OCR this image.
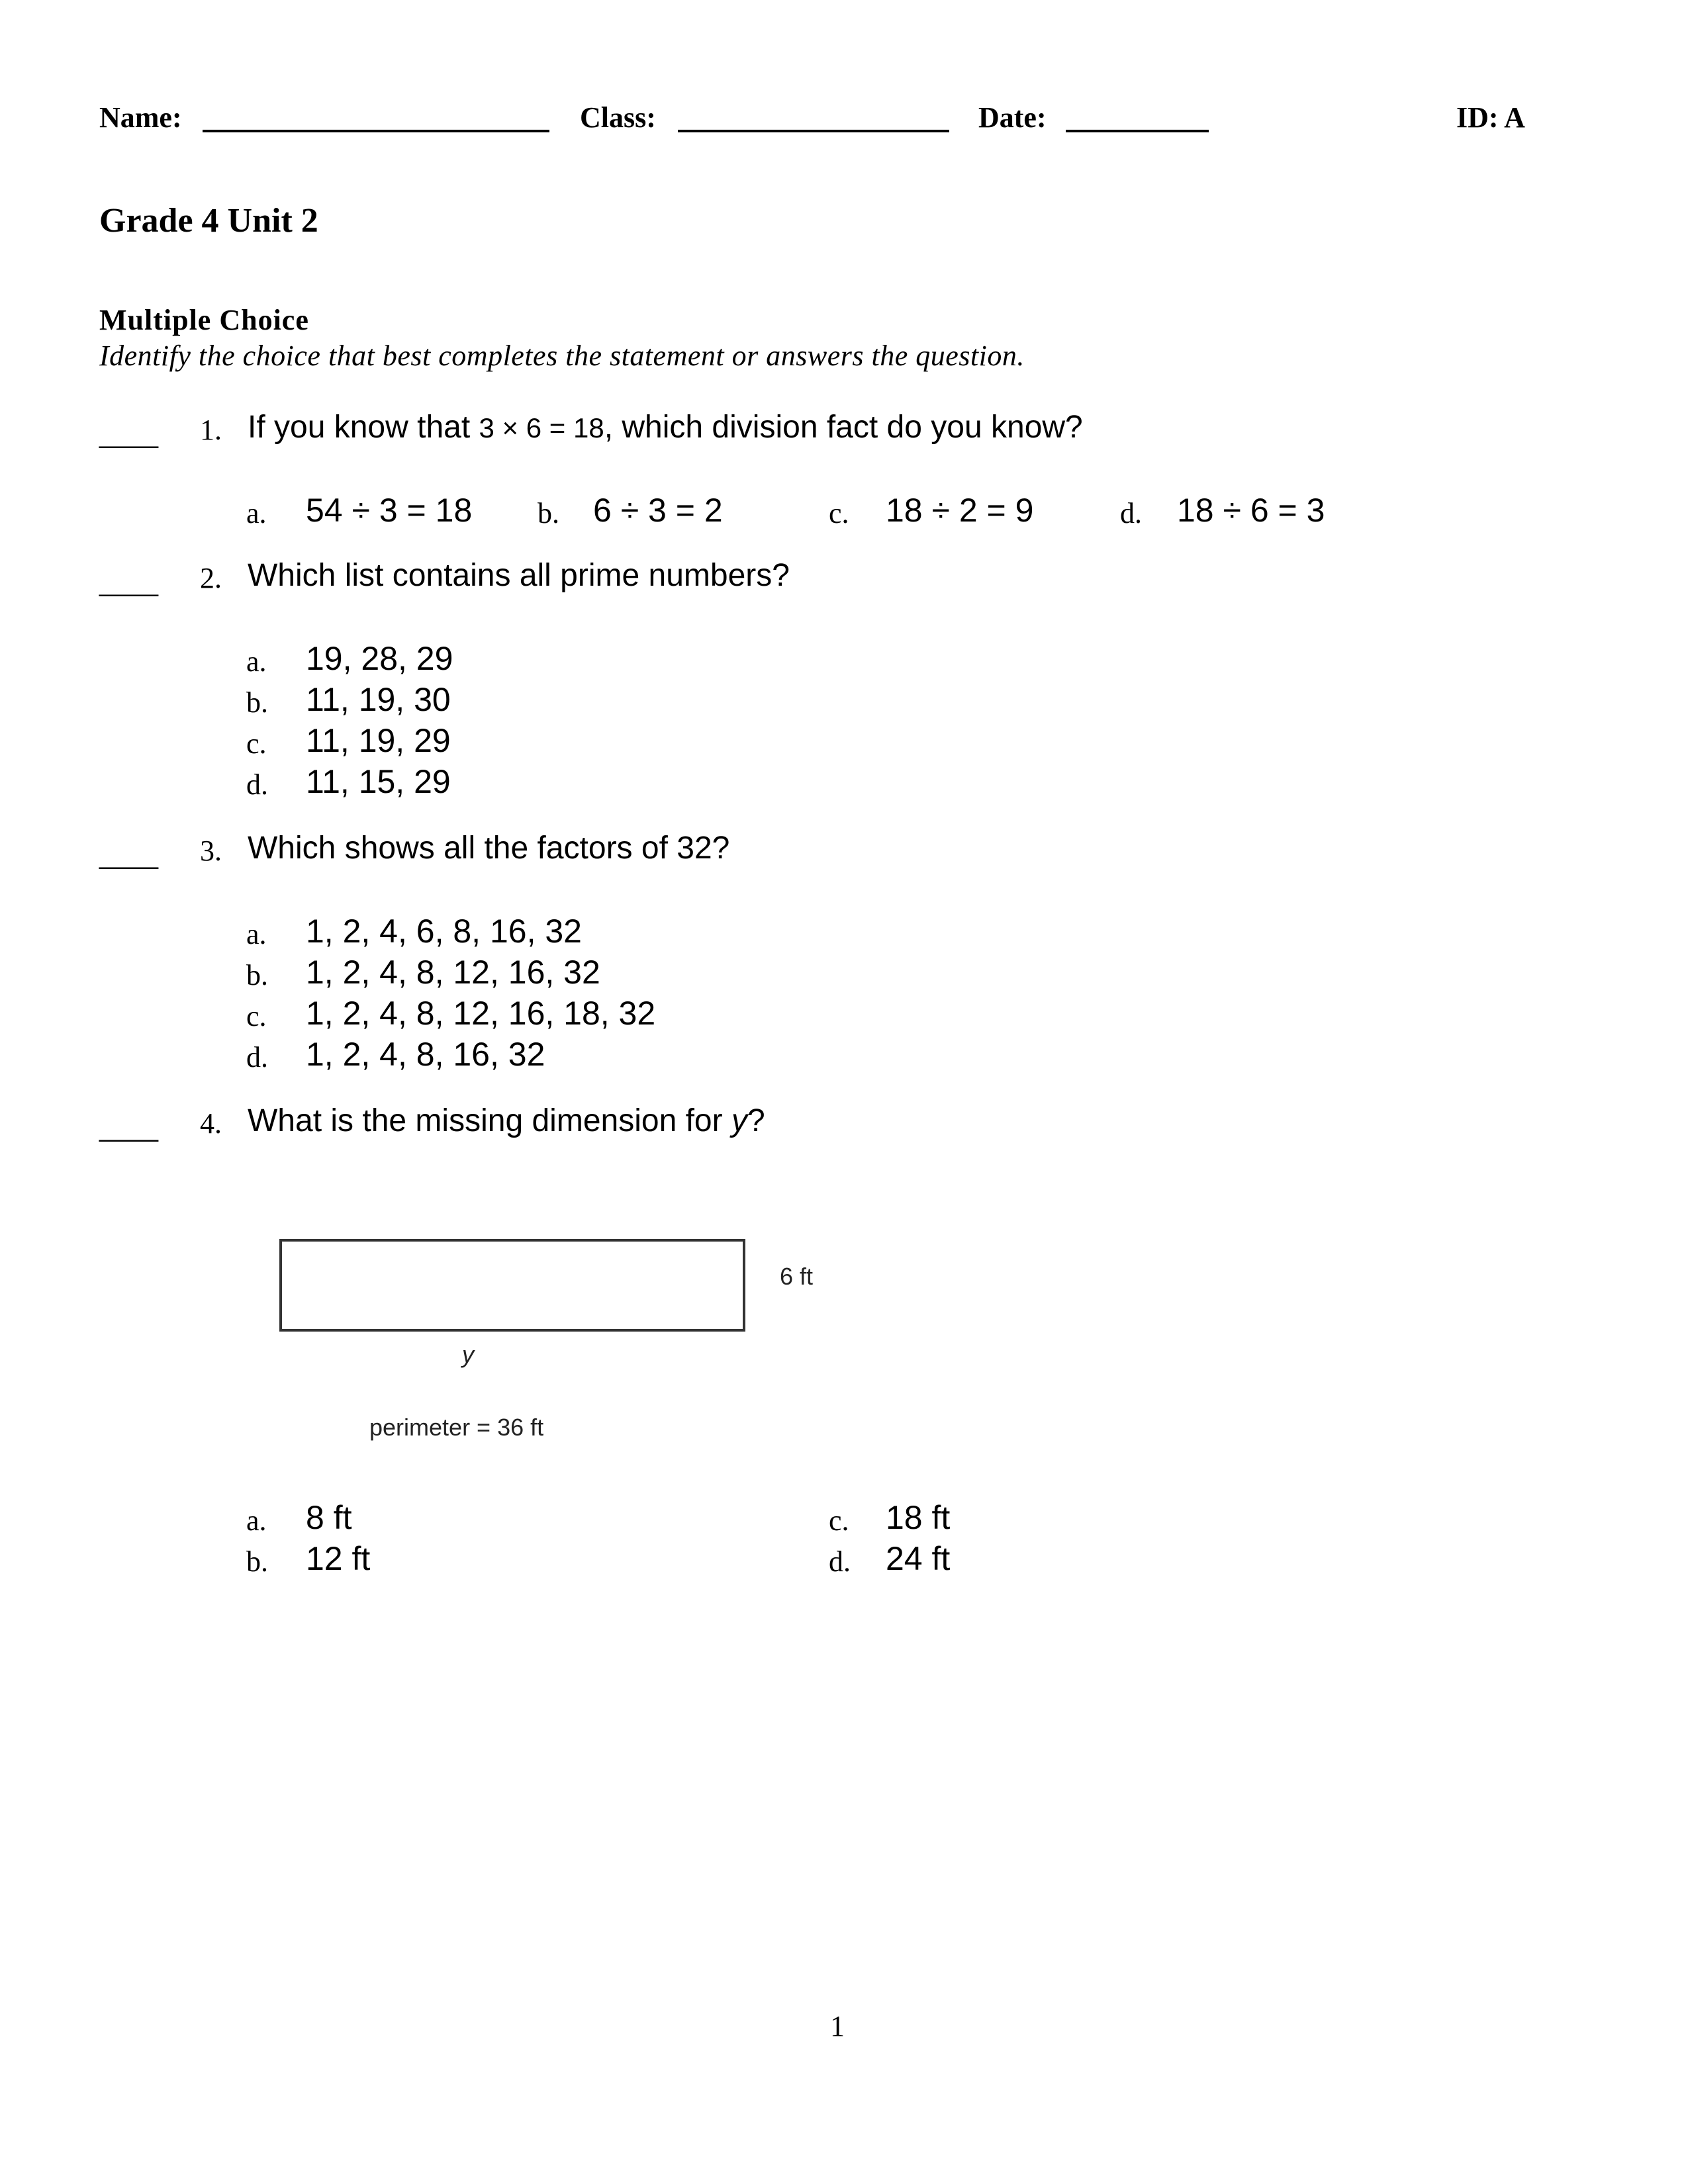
Name:	Class:	Date:	ID: A
Grade 4 Unit 2
Multiple Choice
Identify the choice that best completes the statement or answers the question.
____ 1. If you know that 3 × 6 = 18, which division fact do you know?
a. 54 ÷ 3 = 18 b. 6 ÷ 3 = 2	c. 18 ÷ 2 = 9	d. 18 ÷ 6 = 3
____ 2. Which list contains all prime numbers?
a. 19, 28, 29
b. 11, 19, 30
c. 11, 19, 29
d. 11, 15, 29
____ 3. Which shows all the factors of 32?
a. 1, 2, 4, 6, 8, 16, 32
b. 1, 2, 4, 8, 12, 16, 32
c. 1, 2, 4, 8, 12, 16, 18, 32
d. 1, 2, 4, 8, 16, 32
____ 4. What is the missing dimension for y?
6 ft
y
perimeter = 36 ft
a. 8 ft
b. 12 ft
c. 18 ft
d. 24 ft
1
